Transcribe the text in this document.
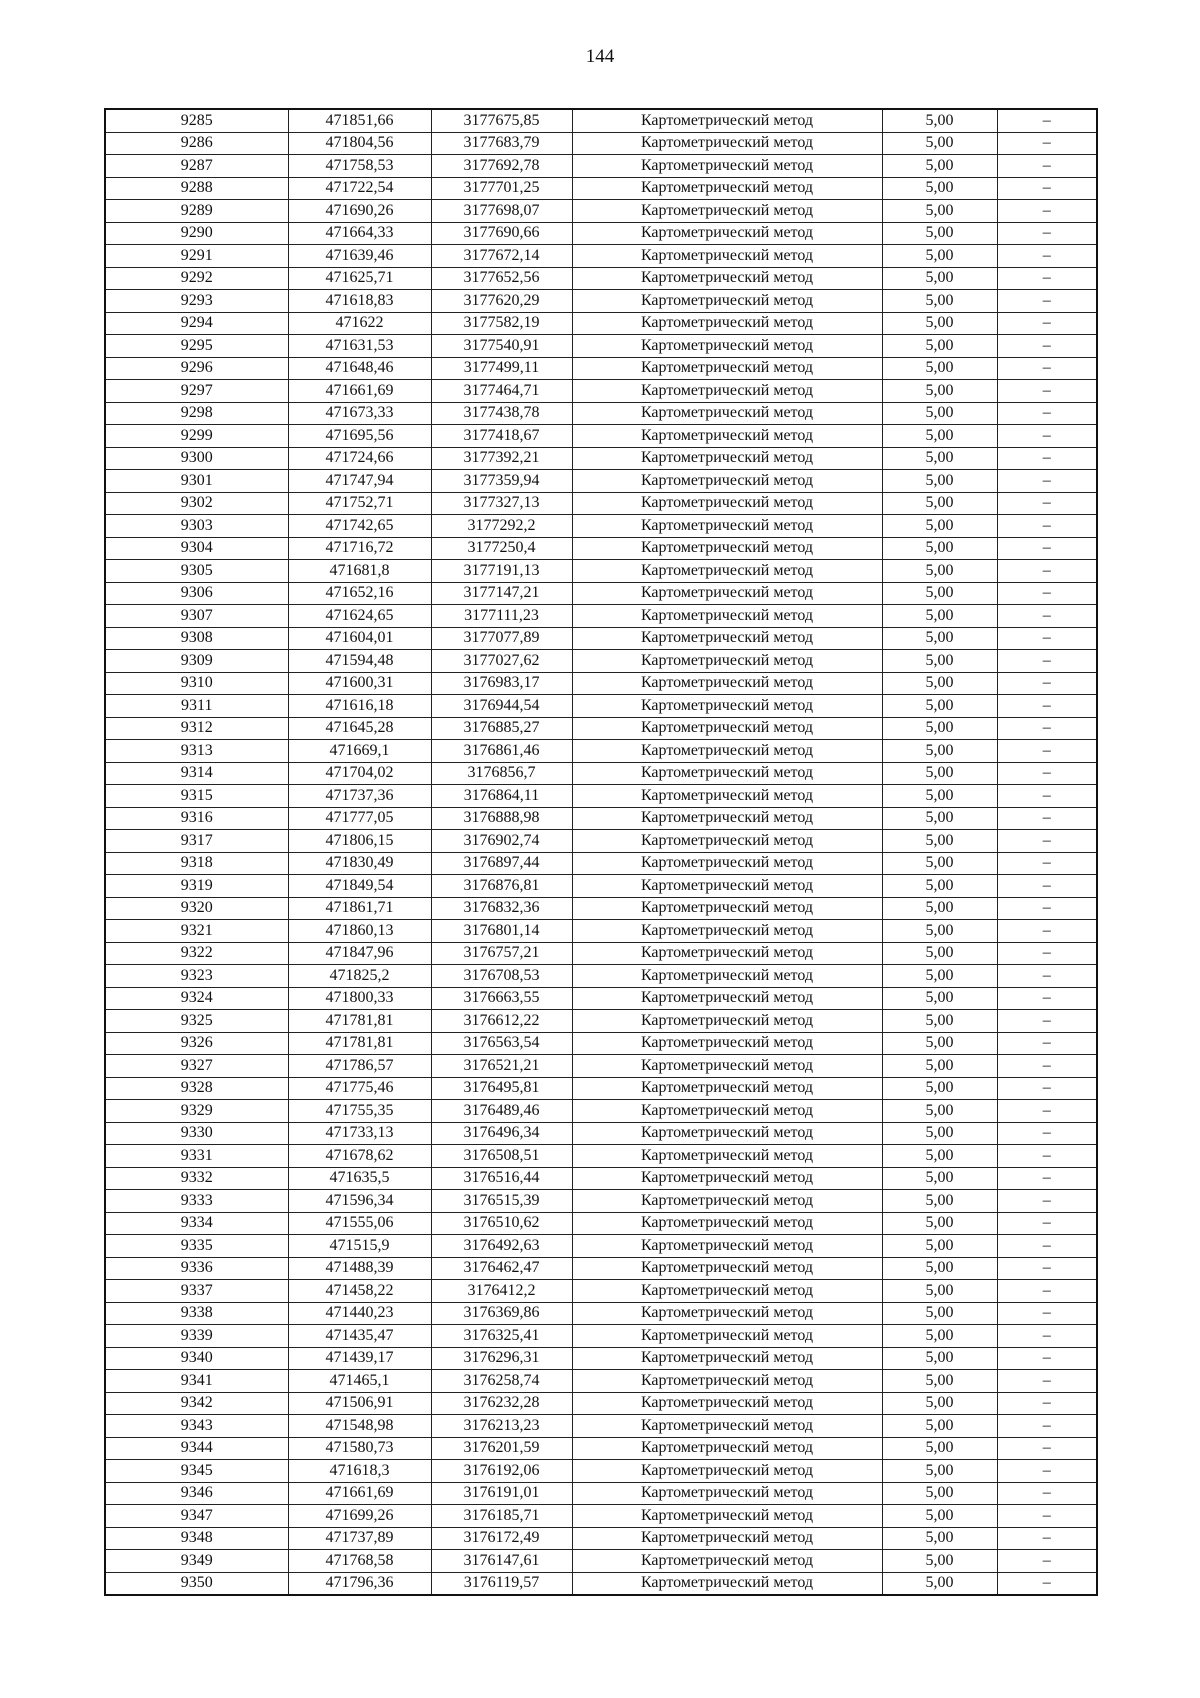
144
9285	471851,66	3177675,85	Картометрический метод	5,00	–
9286	471804,56	3177683,79	Картометрический метод	5,00	–
9287	471758,53	3177692,78	Картометрический метод	5,00	–
9288	471722,54	3177701,25	Картометрический метод	5,00	–
9289	471690,26	3177698,07	Картометрический метод	5,00	–
9290	471664,33	3177690,66	Картометрический метод	5,00	–
9291	471639,46	3177672,14	Картометрический метод	5,00	–
9292	471625,71	3177652,56	Картометрический метод	5,00	–
9293	471618,83	3177620,29	Картометрический метод	5,00	–
9294	471622	3177582,19	Картометрический метод	5,00	–
9295	471631,53	3177540,91	Картометрический метод	5,00	–
9296	471648,46	3177499,11	Картометрический метод	5,00	–
9297	471661,69	3177464,71	Картометрический метод	5,00	–
9298	471673,33	3177438,78	Картометрический метод	5,00	–
9299	471695,56	3177418,67	Картометрический метод	5,00	–
9300	471724,66	3177392,21	Картометрический метод	5,00	–
9301	471747,94	3177359,94	Картометрический метод	5,00	–
9302	471752,71	3177327,13	Картометрический метод	5,00	–
9303	471742,65	3177292,2	Картометрический метод	5,00	–
9304	471716,72	3177250,4	Картометрический метод	5,00	–
9305	471681,8	3177191,13	Картометрический метод	5,00	–
9306	471652,16	3177147,21	Картометрический метод	5,00	–
9307	471624,65	3177111,23	Картометрический метод	5,00	–
9308	471604,01	3177077,89	Картометрический метод	5,00	–
9309	471594,48	3177027,62	Картометрический метод	5,00	–
9310	471600,31	3176983,17	Картометрический метод	5,00	–
9311	471616,18	3176944,54	Картометрический метод	5,00	–
9312	471645,28	3176885,27	Картометрический метод	5,00	–
9313	471669,1	3176861,46	Картометрический метод	5,00	–
9314	471704,02	3176856,7	Картометрический метод	5,00	–
9315	471737,36	3176864,11	Картометрический метод	5,00	–
9316	471777,05	3176888,98	Картометрический метод	5,00	–
9317	471806,15	3176902,74	Картометрический метод	5,00	–
9318	471830,49	3176897,44	Картометрический метод	5,00	–
9319	471849,54	3176876,81	Картометрический метод	5,00	–
9320	471861,71	3176832,36	Картометрический метод	5,00	–
9321	471860,13	3176801,14	Картометрический метод	5,00	–
9322	471847,96	3176757,21	Картометрический метод	5,00	–
9323	471825,2	3176708,53	Картометрический метод	5,00	–
9324	471800,33	3176663,55	Картометрический метод	5,00	–
9325	471781,81	3176612,22	Картометрический метод	5,00	–
9326	471781,81	3176563,54	Картометрический метод	5,00	–
9327	471786,57	3176521,21	Картометрический метод	5,00	–
9328	471775,46	3176495,81	Картометрический метод	5,00	–
9329	471755,35	3176489,46	Картометрический метод	5,00	–
9330	471733,13	3176496,34	Картометрический метод	5,00	–
9331	471678,62	3176508,51	Картометрический метод	5,00	–
9332	471635,5	3176516,44	Картометрический метод	5,00	–
9333	471596,34	3176515,39	Картометрический метод	5,00	–
9334	471555,06	3176510,62	Картометрический метод	5,00	–
9335	471515,9	3176492,63	Картометрический метод	5,00	–
9336	471488,39	3176462,47	Картометрический метод	5,00	–
9337	471458,22	3176412,2	Картометрический метод	5,00	–
9338	471440,23	3176369,86	Картометрический метод	5,00	–
9339	471435,47	3176325,41	Картометрический метод	5,00	–
9340	471439,17	3176296,31	Картометрический метод	5,00	–
9341	471465,1	3176258,74	Картометрический метод	5,00	–
9342	471506,91	3176232,28	Картометрический метод	5,00	–
9343	471548,98	3176213,23	Картометрический метод	5,00	–
9344	471580,73	3176201,59	Картометрический метод	5,00	–
9345	471618,3	3176192,06	Картометрический метод	5,00	–
9346	471661,69	3176191,01	Картометрический метод	5,00	–
9347	471699,26	3176185,71	Картометрический метод	5,00	–
9348	471737,89	3176172,49	Картометрический метод	5,00	–
9349	471768,58	3176147,61	Картометрический метод	5,00	–
9350	471796,36	3176119,57	Картометрический метод	5,00	–
